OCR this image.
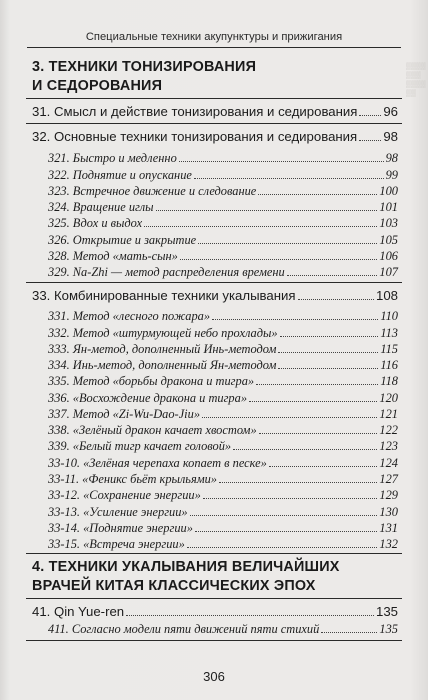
Специальные техники акупунктуры и прижигания
▒▒▒▒
▒▒▒
▒▒▒▒
▒▒
3. ТЕХНИКИ ТОНИЗИРОВАНИЯ
И СЕДОРОВАНИЯ
31. Смысл и действие тонизирования и седирования 96
32. Основные техники тонизирования и седирования 98
321. Быстро и медленно	98
322. Поднятие и опускание	99
323. Встречное движение и следование	100
324. Вращение иглы	101
325. Вдох и выдох	103
326. Открытие и закрытие	105
328. Метод «мать-сын»	106
329. Na-Zhi — метод распределения времени	107
33. Комбинированные техники укалывания	108
331. Метод «лесного пожара»	110
332. Метод «штурмующей небо прохлады»	113
333. Ян-метод, дополненный Инь-методом	115
334. Инь-метод, дополненный Ян-методом	116
335. Метод «борьбы дракона и тигра»	118
336. «Восхождение дракона и тигра»	120
337. Метод «Zi-Wu-Dao-Jiu»	121
338. «Зелёный дракон качает хвостом»	122
339. «Белый тигр качает головой»	123
33-10. «Зелёная черепаха копает в песке»	124
33-11. «Феникс бьёт крыльями»	127
33-12. «Сохранение энергии»	129
33-13. «Усиление энергии»	130
33-14. «Поднятие энергии»	131
33-15. «Встреча энергии»	132
4. ТЕХНИКИ УКАЛЫВАНИЯ ВЕЛИЧАЙШИХ
ВРАЧЕЙ КИТАЯ КЛАССИЧЕСКИХ ЭПОХ
41. Qin Yue-ren	135
411. Согласно модели пяти движений пяти стихий	135
306
